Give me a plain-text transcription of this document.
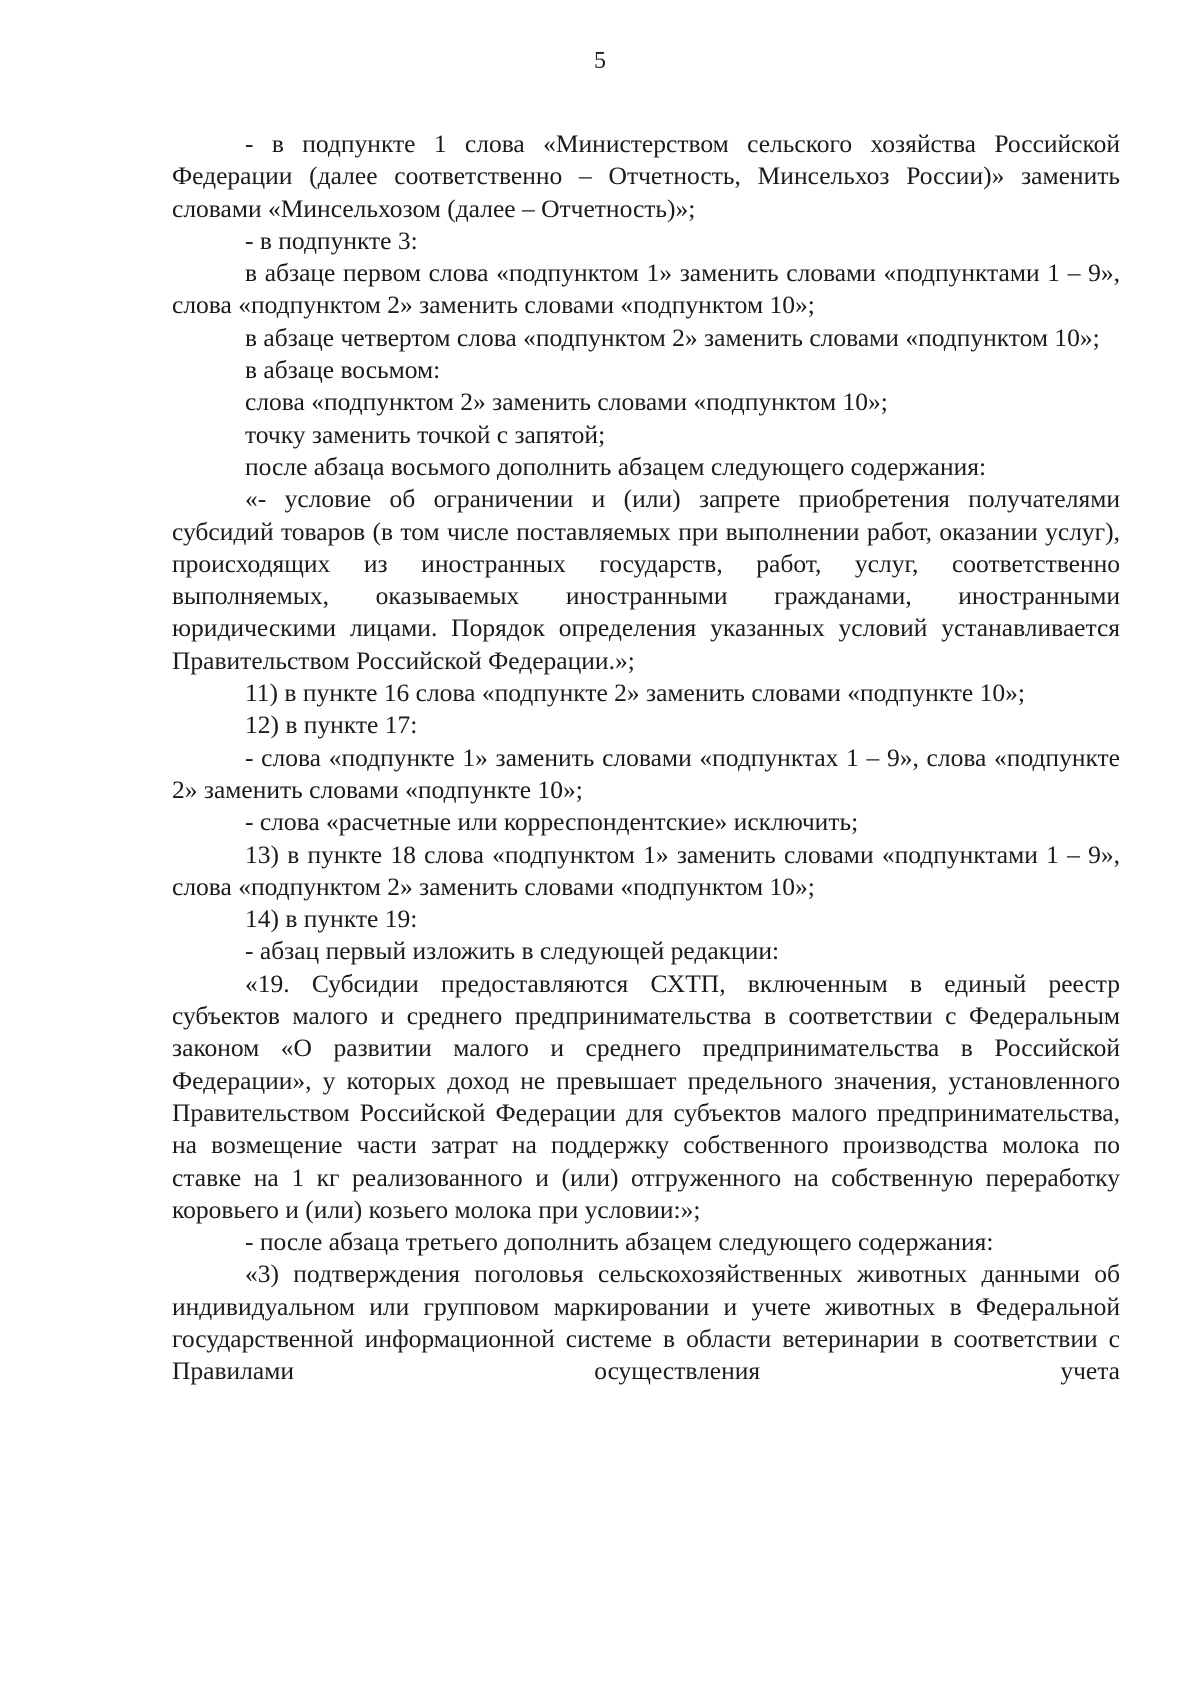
5

- в подпункте 1 слова «Министерством сельского хозяйства Российской Федерации (далее соответственно – Отчетность, Минсельхоз России)» заменить словами «Минсельхозом (далее – Отчетность)»;

- в подпункте 3:

в абзаце первом слова «подпунктом 1» заменить словами «подпунктами 1 – 9», слова «подпунктом 2» заменить словами «подпунктом 10»;

в абзаце четвертом слова «подпунктом 2» заменить словами «подпунктом 10»;

в абзаце восьмом:

слова «подпунктом 2» заменить словами «подпунктом 10»;

точку заменить точкой с запятой;

после абзаца восьмого дополнить абзацем следующего содержания:

«- условие об ограничении и (или) запрете приобретения получателями субсидий товаров (в том числе поставляемых при выполнении работ, оказании услуг), происходящих из иностранных государств, работ, услуг, соответственно выполняемых, оказываемых иностранными гражданами, иностранными юридическими лицами. Порядок определения указанных условий устанавливается Правительством Российской Федерации.»;

11) в пункте 16 слова «подпункте 2» заменить словами «подпункте 10»;

12) в пункте 17:

- слова «подпункте 1» заменить словами «подпунктах 1 – 9», слова «подпункте 2» заменить словами «подпункте 10»;

- слова «расчетные или корреспондентские» исключить;

13) в пункте 18 слова «подпунктом 1» заменить словами «подпунктами 1 – 9», слова «подпунктом 2» заменить словами «подпунктом 10»;

14) в пункте 19:

- абзац первый изложить в следующей редакции:

«19. Субсидии предоставляются СХТП, включенным в единый реестр субъектов малого и среднего предпринимательства в соответствии с Федеральным законом «О развитии малого и среднего предпринимательства в Российской Федерации», у которых доход не превышает предельного значения, установленного Правительством Российской Федерации для субъектов малого предпринимательства, на возмещение части затрат на поддержку собственного производства молока по ставке на 1 кг реализованного и (или) отгруженного на собственную переработку коровьего и (или) козьего молока при условии:»;

- после абзаца третьего дополнить абзацем следующего содержания:

«3) подтверждения поголовья сельскохозяйственных животных данными об индивидуальном или групповом маркировании и учете животных в Федеральной государственной информационной системе в области ветеринарии в соответствии с Правилами осуществления учета
